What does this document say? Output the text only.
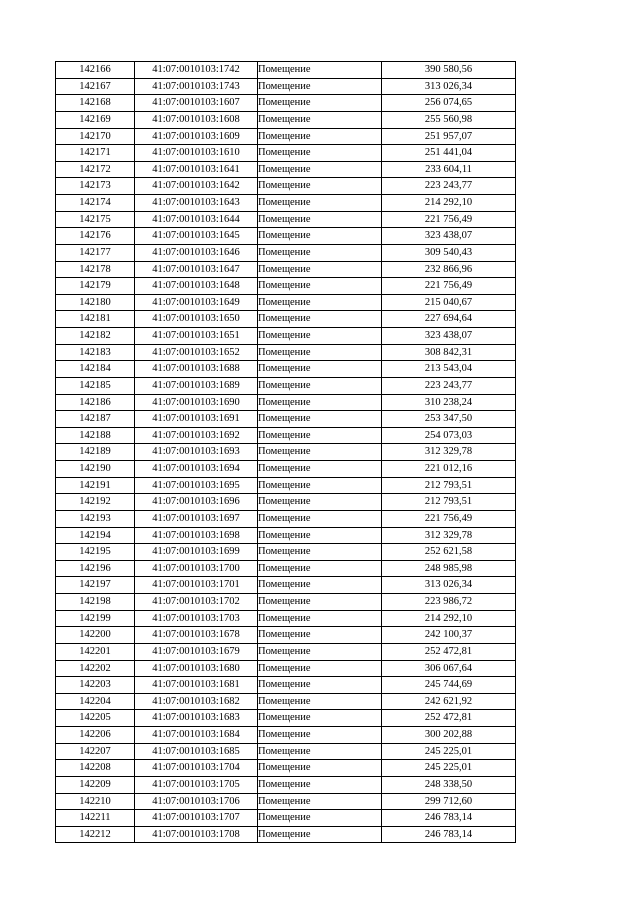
142166	41:07:0010103:1742	Помещение	390 580,56
142167	41:07:0010103:1743	Помещение	313 026,34
142168	41:07:0010103:1607	Помещение	256 074,65
142169	41:07:0010103:1608	Помещение	255 560,98
142170	41:07:0010103:1609	Помещение	251 957,07
142171	41:07:0010103:1610	Помещение	251 441,04
142172	41:07:0010103:1641	Помещение	233 604,11
142173	41:07:0010103:1642	Помещение	223 243,77
142174	41:07:0010103:1643	Помещение	214 292,10
142175	41:07:0010103:1644	Помещение	221 756,49
142176	41:07:0010103:1645	Помещение	323 438,07
142177	41:07:0010103:1646	Помещение	309 540,43
142178	41:07:0010103:1647	Помещение	232 866,96
142179	41:07:0010103:1648	Помещение	221 756,49
142180	41:07:0010103:1649	Помещение	215 040,67
142181	41:07:0010103:1650	Помещение	227 694,64
142182	41:07:0010103:1651	Помещение	323 438,07
142183	41:07:0010103:1652	Помещение	308 842,31
142184	41:07:0010103:1688	Помещение	213 543,04
142185	41:07:0010103:1689	Помещение	223 243,77
142186	41:07:0010103:1690	Помещение	310 238,24
142187	41:07:0010103:1691	Помещение	253 347,50
142188	41:07:0010103:1692	Помещение	254 073,03
142189	41:07:0010103:1693	Помещение	312 329,78
142190	41:07:0010103:1694	Помещение	221 012,16
142191	41:07:0010103:1695	Помещение	212 793,51
142192	41:07:0010103:1696	Помещение	212 793,51
142193	41:07:0010103:1697	Помещение	221 756,49
142194	41:07:0010103:1698	Помещение	312 329,78
142195	41:07:0010103:1699	Помещение	252 621,58
142196	41:07:0010103:1700	Помещение	248 985,98
142197	41:07:0010103:1701	Помещение	313 026,34
142198	41:07:0010103:1702	Помещение	223 986,72
142199	41:07:0010103:1703	Помещение	214 292,10
142200	41:07:0010103:1678	Помещение	242 100,37
142201	41:07:0010103:1679	Помещение	252 472,81
142202	41:07:0010103:1680	Помещение	306 067,64
142203	41:07:0010103:1681	Помещение	245 744,69
142204	41:07:0010103:1682	Помещение	242 621,92
142205	41:07:0010103:1683	Помещение	252 472,81
142206	41:07:0010103:1684	Помещение	300 202,88
142207	41:07:0010103:1685	Помещение	245 225,01
142208	41:07:0010103:1704	Помещение	245 225,01
142209	41:07:0010103:1705	Помещение	248 338,50
142210	41:07:0010103:1706	Помещение	299 712,60
142211	41:07:0010103:1707	Помещение	246 783,14
142212	41:07:0010103:1708	Помещение	246 783,14
